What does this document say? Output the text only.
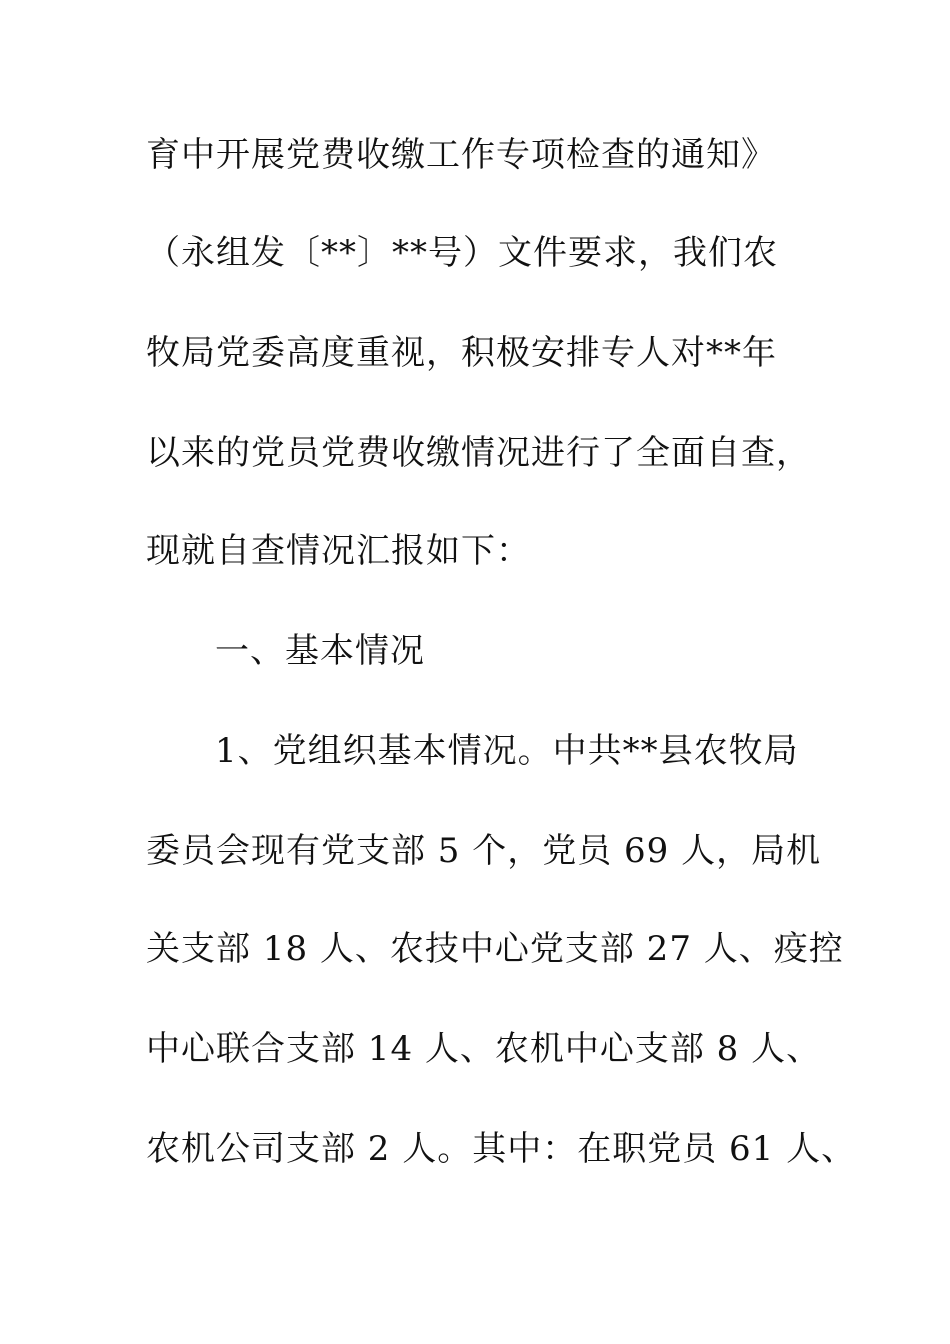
育中开展党费收缴工作专项检查的通知》
（永组发〔**〕**号）文件要求，我们农
牧局党委高度重视，积极安排专人对**年
以来的党员党费收缴情况进行了全面自查，
现就自查情况汇报如下：
一、基本情况
1、党组织基本情况。中共**县农牧局
委员会现有党支部 5 个，党员 69 人，局机
关支部 18 人、农技中心党支部 27 人、疫控
中心联合支部 14 人、农机中心支部 8 人、
农机公司支部 2 人。其中：在职党员 61 人、
